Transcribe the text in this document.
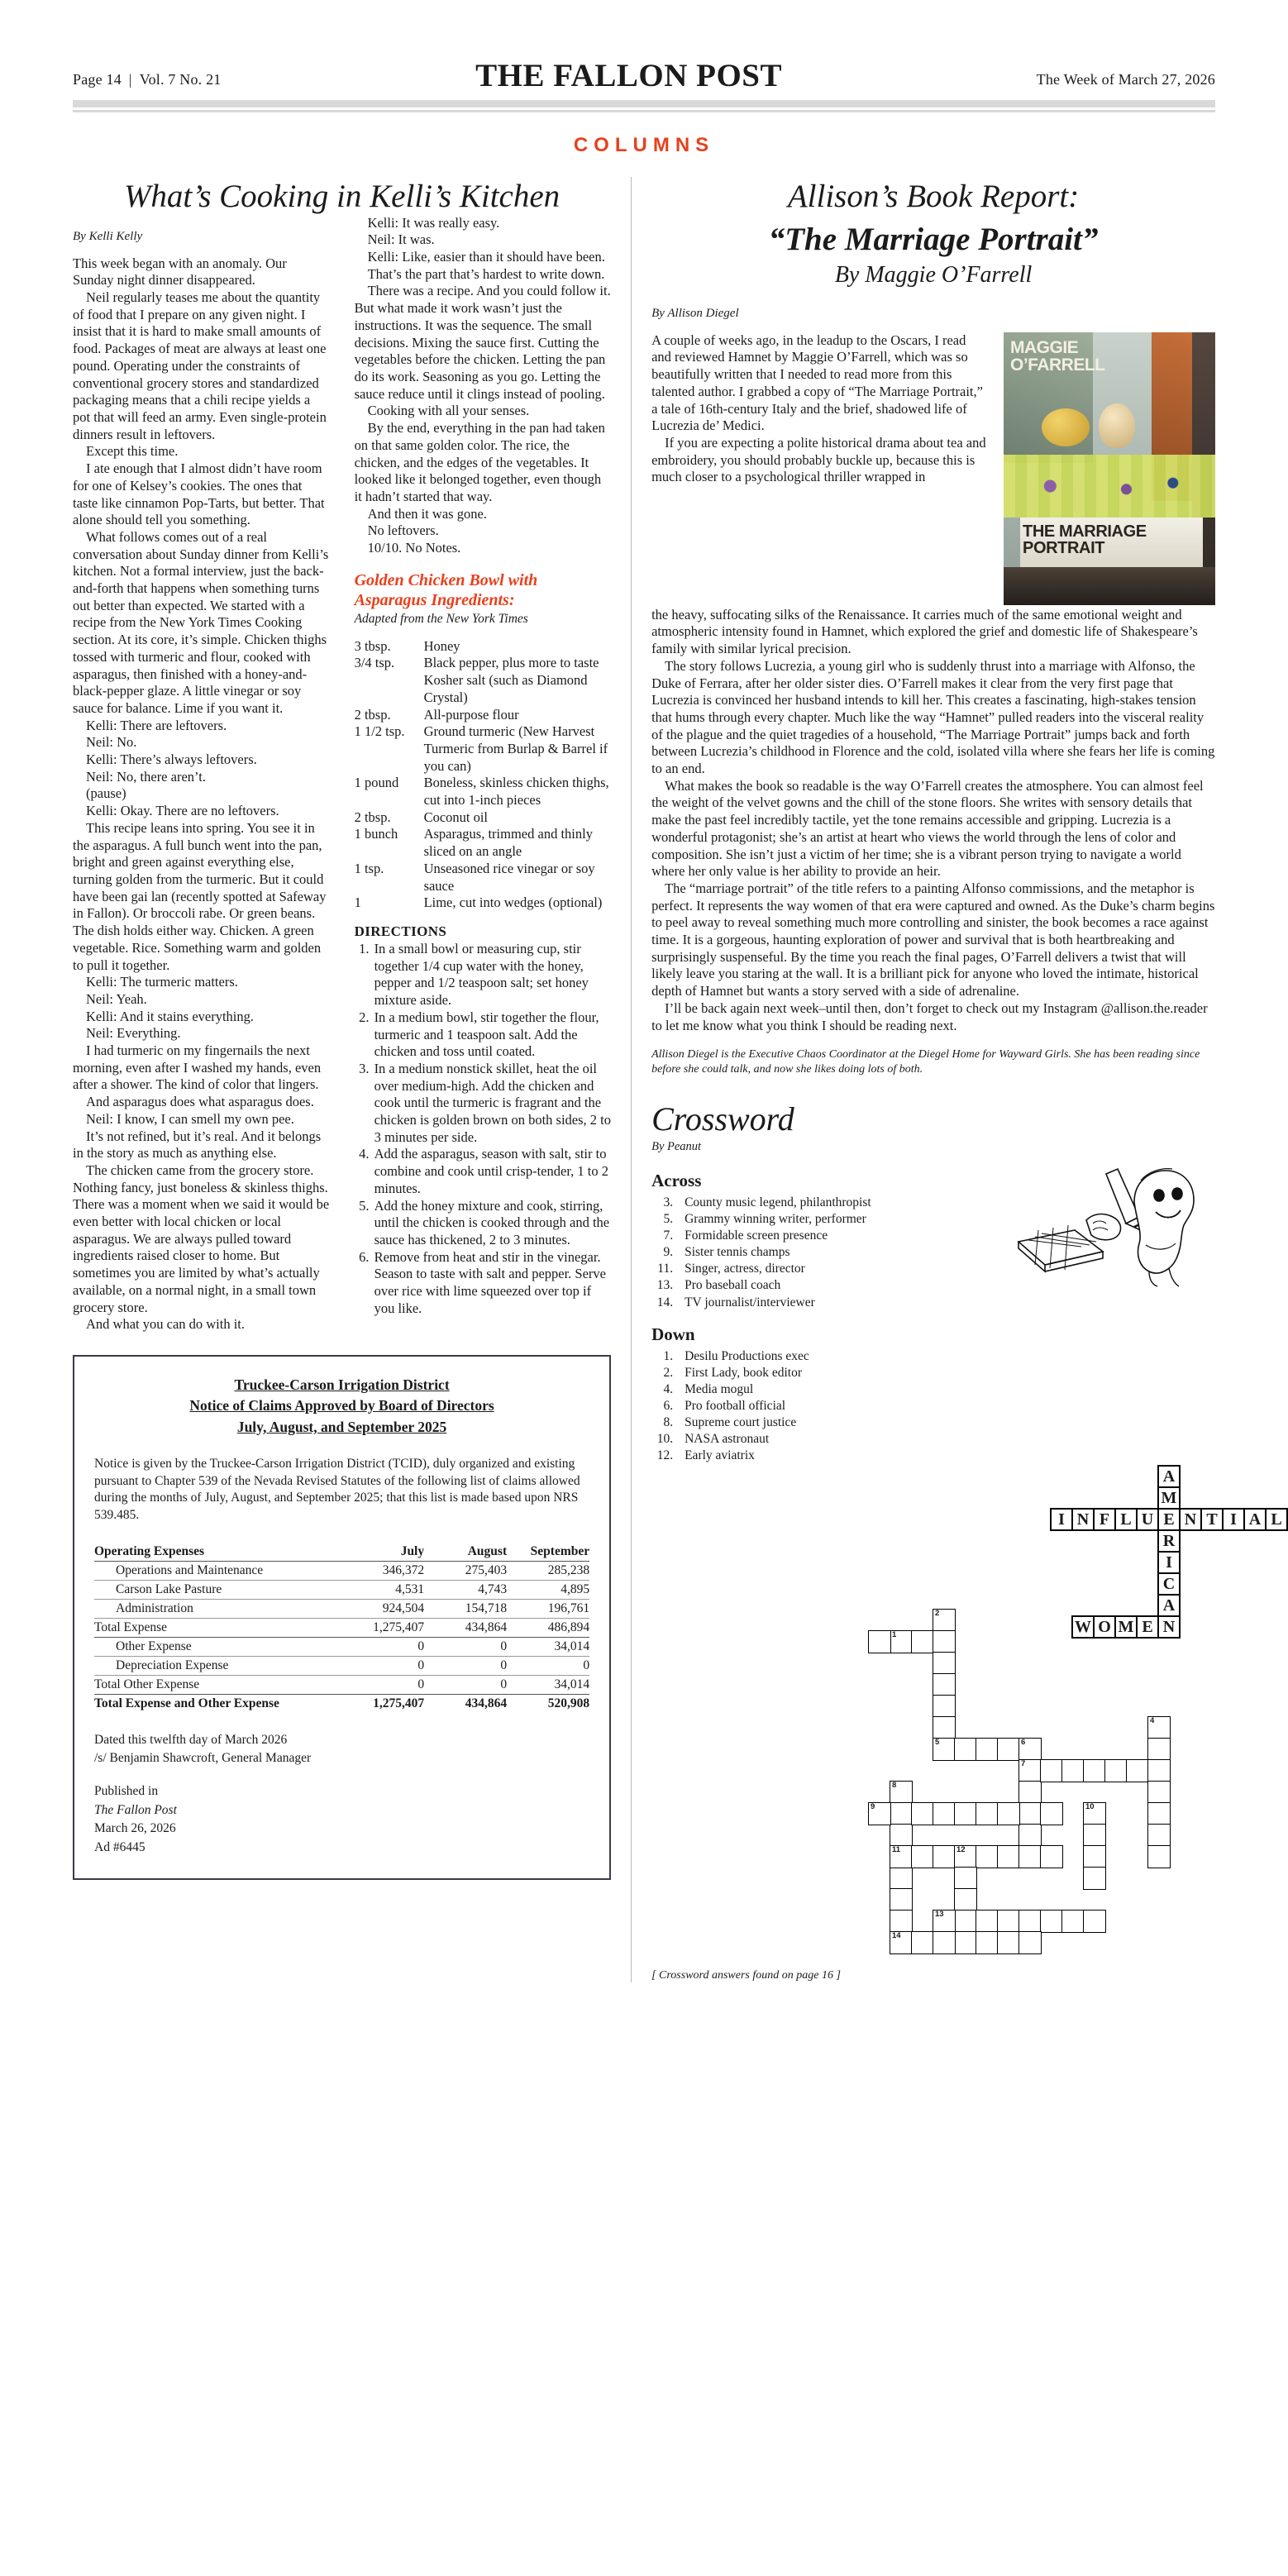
Page 14 | Vol. 7 No. 21	THE FALLON POST	The Week of March 27, 2026
COLUMNS
What’s Cooking in Kelli’s Kitchen
By Kelli Kelly

This week began with an anomaly. Our Sunday night dinner disappeared.

Neil regularly teases me about the quantity of food that I prepare on any given night. I insist that it is hard to make small amounts of food. Packages of meat are always at least one pound. Operating under the constraints of conventional grocery stores and standardized packaging means that a chili recipe yields a pot that will feed an army. Even single-protein dinners result in leftovers.

Except this time.

I ate enough that I almost didn’t have room for one of Kelsey’s cookies. The ones that taste like cinnamon Pop-Tarts, but better. That alone should tell you something.

What follows comes out of a real conversation about Sunday dinner from Kelli’s kitchen. Not a formal interview, just the back-and-forth that happens when something turns out better than expected. We started with a recipe from the New York Times Cooking section. At its core, it’s simple. Chicken thighs tossed with turmeric and flour, cooked with asparagus, then finished with a honey-and-black-pepper glaze. A little vinegar or soy sauce for balance. Lime if you want it.

Kelli: There are leftovers.

Neil: No.

Kelli: There’s always leftovers.

Neil: No, there aren’t.

(pause)

Kelli: Okay. There are no leftovers.

This recipe leans into spring. You see it in the asparagus. A full bunch went into the pan, bright and green against everything else, turning golden from the turmeric. But it could have been gai lan (recently spotted at Safeway in Fallon). Or broccoli rabe. Or green beans. The dish holds either way. Chicken. A green vegetable. Rice. Something warm and golden to pull it together.

Kelli: The turmeric matters.

Neil: Yeah.

Kelli: And it stains everything.

Neil: Everything.

I had turmeric on my fingernails the next morning, even after I washed my hands, even after a shower. The kind of color that lingers.

And asparagus does what asparagus does.

Neil: I know, I can smell my own pee.

It’s not refined, but it’s real. And it belongs in the story as much as anything else.

The chicken came from the grocery store. Nothing fancy, just boneless & skinless thighs. There was a moment when we said it would be even better with local chicken or local asparagus. We are always pulled toward ingredients raised closer to home. But sometimes you are limited by what’s actually available, on a normal night, in a small town grocery store.

And what you can do with it.

Kelli: It was really easy.

Neil: It was.

Kelli: Like, easier than it should have been.

That’s the part that’s hardest to write down.

There was a recipe. And you could follow it. But what made it work wasn’t just the instructions. It was the sequence. The small decisions. Mixing the sauce first. Cutting the vegetables before the chicken. Letting the pan do its work. Seasoning as you go. Letting the sauce reduce until it clings instead of pooling.

Cooking with all your senses.

By the end, everything in the pan had taken on that same golden color. The rice, the chicken, and the edges of the vegetables. It looked like it belonged together, even though it hadn’t started that way.

And then it was gone.

No leftovers.

10/10. No Notes.

Golden Chicken Bowl with Asparagus Ingredients:
Adapted from the New York Times
3 tbsp.	Honey
3/4 tsp.	Black pepper, plus more to taste
	Kosher salt (such as Diamond Crystal)
2 tbsp.	All-purpose flour
1 1/2 tsp.	Ground turmeric (New Harvest Turmeric from Burlap & Barrel if you can)
1 pound	Boneless, skinless chicken thighs, cut into 1-inch pieces
2 tbsp.	Coconut oil
1 bunch	Asparagus, trimmed and thinly sliced on an angle
1 tsp.	Unseasoned rice vinegar or soy sauce
1	Lime, cut into wedges (optional)
DIRECTIONS
1. In a small bowl or measuring cup, stir together 1/4 cup water with the honey, pepper and 1/2 teaspoon salt; set honey mixture aside.
2. In a medium bowl, stir together the flour, turmeric and 1 teaspoon salt. Add the chicken and toss until coated.
3. In a medium nonstick skillet, heat the oil over medium-high. Add the chicken and cook until the turmeric is fragrant and the chicken is golden brown on both sides, 2 to 3 minutes per side.
4. Add the asparagus, season with salt, stir to combine and cook until crisp-tender, 1 to 2 minutes.
5. Add the honey mixture and cook, stirring, until the chicken is cooked through and the sauce has thickened, 2 to 3 minutes.
6. Remove from heat and stir in the vinegar. Season to taste with salt and pepper. Serve over rice with lime squeezed over top if you like.
Truckee-Carson Irrigation District
Notice of Claims Approved by Board of Directors
July, August, and September 2025

Notice is given by the Truckee-Carson Irrigation District (TCID), duly organized and existing pursuant to Chapter 539 of the Nevada Revised Statutes of the following list of claims allowed during the months of July, August, and September 2025; that this list is made based upon NRS 539.485.

Operating Expenses	July	August	September
Operations and Maintenance	346,372	275,403	285,238
Carson Lake Pasture	4,531	4,743	4,895
Administration	924,504	154,718	196,761
Total Expense	1,275,407	434,864	486,894
Other Expense	0	0	34,014
Depreciation Expense	0	0	0
Total Other Expense	0	0	34,014
Total Expense and Other Expense	1,275,407	434,864	520,908
Dated this twelfth day of March 2026
/s/ Benjamin Shawcroft, General Manager
Published in
The Fallon Post
March 26, 2026
Ad #6445
Allison’s Book Report:
“The Marriage Portrait”
By Maggie O’Farrell
By Allison Diegel

A couple of weeks ago, in the leadup to the Oscars, I read and reviewed Hamnet by Maggie O’Farrell, which was so beautifully written that I needed to read more from this talented author. I grabbed a copy of “The Marriage Portrait,” a tale of 16th-century Italy and the brief, shadowed life of Lucrezia de’ Medici.

If you are expecting a polite historical drama about tea and embroidery, you should probably buckle up, because this is much closer to a psychological thriller wrapped in

MAGGIE O’FARRELL
THE MARRIAGE PORTRAIT

the heavy, suffocating silks of the Renaissance. It carries much of the same emotional weight and atmospheric intensity found in Hamnet, which explored the grief and domestic life of Shakespeare’s family with similar lyrical precision.

The story follows Lucrezia, a young girl who is suddenly thrust into a marriage with Alfonso, the Duke of Ferrara, after her older sister dies. O’Farrell makes it clear from the very first page that Lucrezia is convinced her husband intends to kill her. This creates a fascinating, high-stakes tension that hums through every chapter. Much like the way “Hamnet” pulled readers into the visceral reality of the plague and the quiet tragedies of a household, “The Marriage Portrait” jumps back and forth between Lucrezia’s childhood in Florence and the cold, isolated villa where she fears her life is coming to an end.

What makes the book so readable is the way O’Farrell creates the atmosphere. You can almost feel the weight of the velvet gowns and the chill of the stone floors. She writes with sensory details that make the past feel incredibly tactile, yet the tone remains accessible and gripping. Lucrezia is a wonderful protagonist; she’s an artist at heart who views the world through the lens of color and composition. She isn’t just a victim of her time; she is a vibrant person trying to navigate a world where her only value is her ability to provide an heir.

The “marriage portrait” of the title refers to a painting Alfonso commissions, and the metaphor is perfect. It represents the way women of that era were captured and owned. As the Duke’s charm begins to peel away to reveal something much more controlling and sinister, the book becomes a race against time. It is a gorgeous, haunting exploration of power and survival that is both heartbreaking and surprisingly suspenseful. By the time you reach the final pages, O’Farrell delivers a twist that will likely leave you staring at the wall. It is a brilliant pick for anyone who loved the intimate, historical depth of Hamnet but wants a story served with a side of adrenaline.

I’ll be back again next week–until then, don’t forget to check out my Instagram @allison.the.reader to let me know what you think I should be reading next.

Allison Diegel is the Executive Chaos Coordinator at the Diegel Home for Wayward Girls. She has been reading since before she could talk, and now she likes doing lots of both.
Crossword
By Peanut
Across
3. County music legend, philanthropist
5. Grammy winning writer, performer
7. Formidable screen presence
9. Sister tennis champs
11. Singer, actress, director
13. Pro baseball coach
14. TV journalist/interviewer
Down
1. Desilu Productions exec
2. First Lady, book editor
4. Media mogul
6. Pro football official
8. Supreme court justice
10. NASA astronaut
12. Early aviatrix
A
M
E
R
I
C
A
N
I N F L U	N T I A L
W O M E
1
2
5	6
7
4
8
9	10
11	12
13
14
[ Crossword answers found on page 16 ]
